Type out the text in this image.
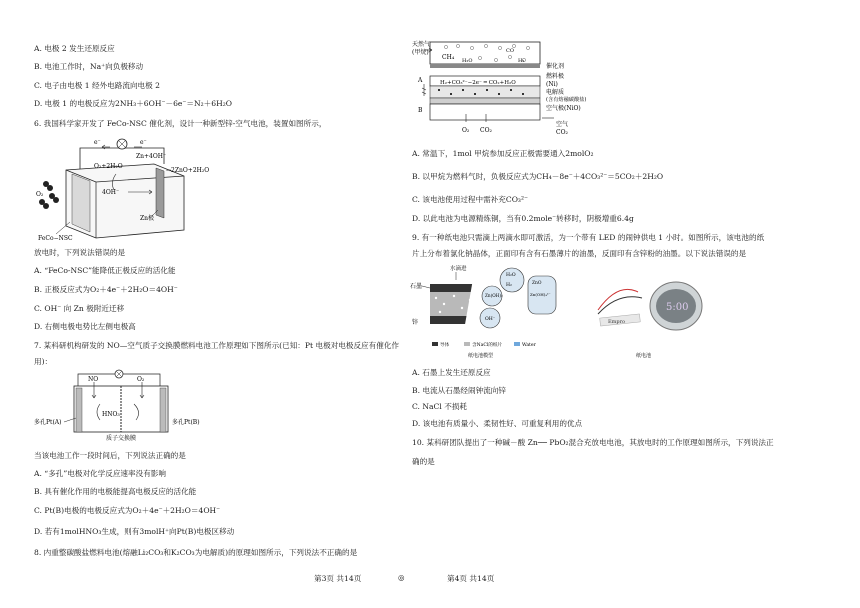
A. 电极 2 发生还原反应
B. 电池工作时，Na⁺向负极移动
C. 电子由电极 1 经外电路流向电极 2
D. 电极 1 的电极反应为2NH₃＋6OH⁻－6e⁻＝N₂＋6H₂O
6. 我国科学家开发了 FeCo-NSC 催化剂，设计一种新型锌-空气电池，装置如图所示，
e⁻	e⁻
O₂
O₂+2H₂O
4OH⁻
Zn+4OH⁻
→2ZnO+2H₂O
Zn极
FeCo−NSC
放电时，下列说法错误的是
A. “FeCo-NSC”能降低正极反应的活化能
B. 正极反应式为O₂＋4e⁻＋2H₂O＝4OH⁻
C. OH⁻ 向 Zn 极附近迁移
D. 右侧电极电势比左侧电极高
7. 某科研机构研发的 NO—空气质子交换膜燃料电池工作原理如下图所示(已知：Pt 电极对电极反应有催化作
用)：
NO	O₂
HNO₃
多孔Pt(A)	多孔Pt(B)
质子交换膜
当该电池工作一段时间后，下列说法正确的是
A. “多孔”电极对化学反应速率没有影响
B. 具有催化作用的电极能提高电极反应的活化能
C. Pt(B)电极的电极反应式为O₂＋4e⁻＋2H₂O＝4OH⁻
D. 若有1molHNO₃生成，则有3molH⁺向Pt(B)电极区移动
8. 内重整碳酸盐燃料电池(熔融Li₂CO₃和K₂CO₃为电解质)的原理如图所示，下列说法不正确的是
天然气
(甲烷)
CH₄ H₂O
CO
H₂
催化剂
H₂+CO₃²⁻−2e⁻ ═ CO₂+H₂O
A
B
燃料极
(Ni)
电解质
(含有熔融碳酸盐)
空气极(NiO)
O₂ CO₂
空气
CO₂
A. 常温下，1mol 甲烷参加反应正极需要通入2molO₂
B. 以甲烷为燃料气时，负极反应式为CH₄－8e⁻＋4CO₃²⁻＝5CO₂＋2H₂O
C. 该电池使用过程中需补充CO₃²⁻
D. 以此电池为电源精炼铜，当有0.2mole⁻转移时，阴极增重6.4g
9. 有一种纸电池只需滴上两滴水即可激活，为一个带有 LED 的闹钟供电 1 小时。如图所示，该电池的纸
片上分布着氯化钠晶体，正面印有含有石墨薄片的油墨，反面印有含锌粉的油墨。以下说法错误的是
水滴进
石墨
锌
H₂O
H₂
Zn(OH)₂
OH⁻
ZnO
Zn(OH)₄²⁻
导体	含NaCl的纸片	Water
纸电池模型
Empro
5:00
纸电池
A. 石墨上发生还原反应
B. 电流从石墨经闹钟流向锌
C. NaCl 不损耗
D. 该电池有质量小、柔韧性好、可重复利用的优点
10. 某科研团队提出了一种碱－酸 Zn── PbO₂混合充放电电池，其放电时的工作原理如图所示，下列说法正
确的是
第3页 共14页	◎	第4页 共14页
